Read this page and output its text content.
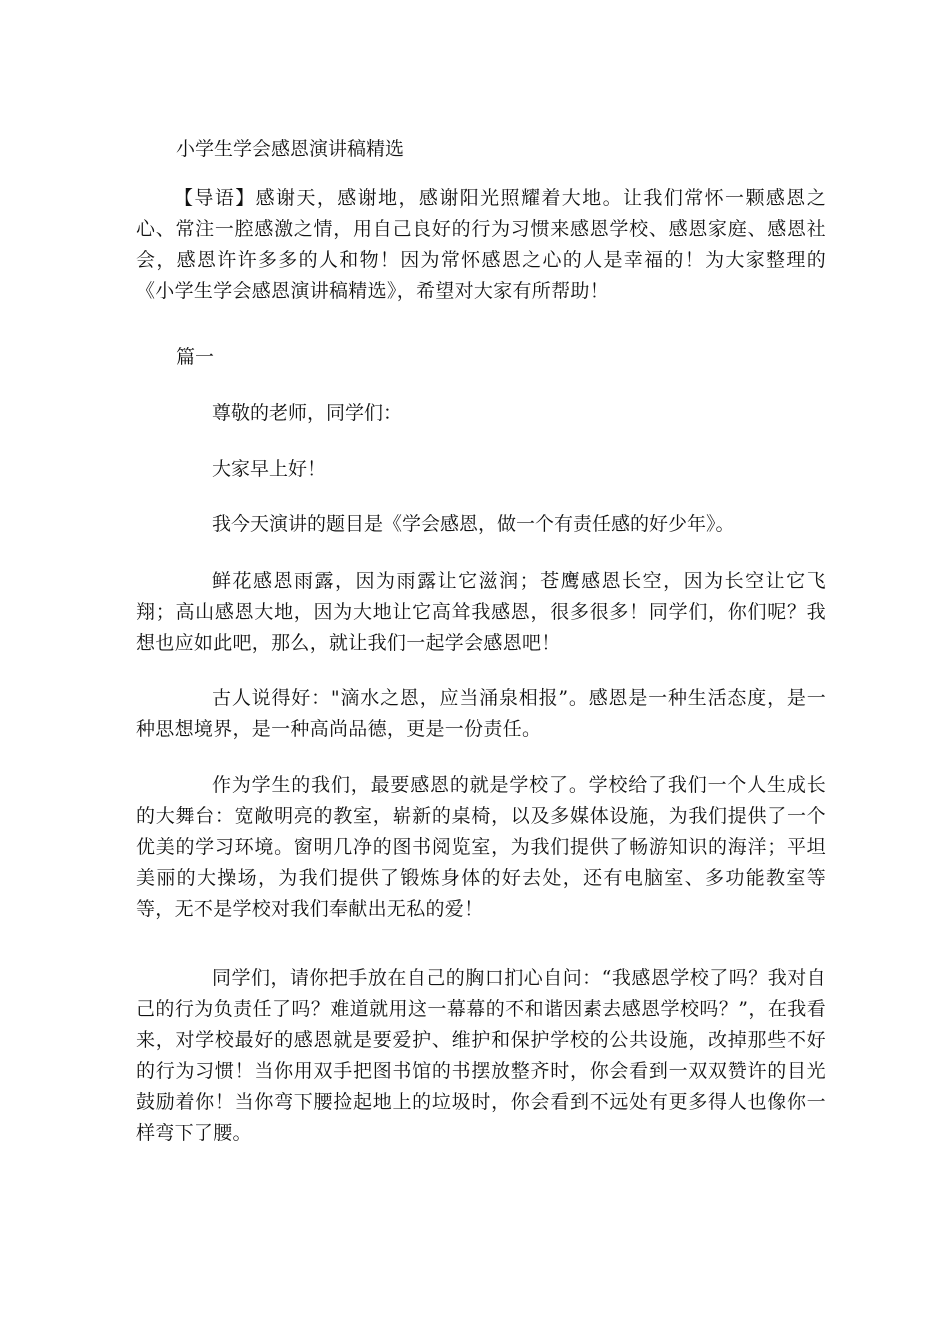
小学生学会感恩演讲稿精选

【导语】感谢天，感谢地，感谢阳光照耀着大地。让我们常怀一颗感恩之心、常注一腔感激之情，用自己良好的行为习惯来感恩学校、感恩家庭、感恩社会，感恩许许多多的人和物！因为常怀感恩之心的人是幸福的！为大家整理的《小学生学会感恩演讲稿精选》，希望对大家有所帮助！

篇一
尊敬的老师，同学们：
大家早上好！
我今天演讲的题目是《学会感恩，做一个有责任感的好少年》。

鲜花感恩雨露，因为雨露让它滋润；苍鹰感恩长空，因为长空让它飞翔；高山感恩大地，因为大地让它高耸我感恩，很多很多！同学们，你们呢？我想也应如此吧，那么，就让我们一起学会感恩吧！

古人说得好："滴水之恩，应当涌泉相报”。感恩是一种生活态度，是一种思想境界，是一种高尚品德，更是一份责任。

作为学生的我们，最要感恩的就是学校了。学校给了我们一个人生成长的大舞台：宽敞明亮的教室，崭新的桌椅，以及多媒体设施，为我们提供了一个优美的学习环境。窗明几净的图书阅览室，为我们提供了畅游知识的海洋；平坦美丽的大操场，为我们提供了锻炼身体的好去处，还有电脑室、多功能教室等等，无不是学校对我们奉献出无私的爱！

同学们，请你把手放在自己的胸口扪心自问：“我感恩学校了吗？我对自己的行为负责任了吗？难道就用这一幕幕的不和谐因素去感恩学校吗？”，在我看来，对学校最好的感恩就是要爱护、维护和保护学校的公共设施，改掉那些不好的行为习惯！当你用双手把图书馆的书摆放整齐时，你会看到一双双赞许的目光鼓励着你！当你弯下腰捡起地上的垃圾时，你会看到不远处有更多得人也像你一样弯下了腰。
